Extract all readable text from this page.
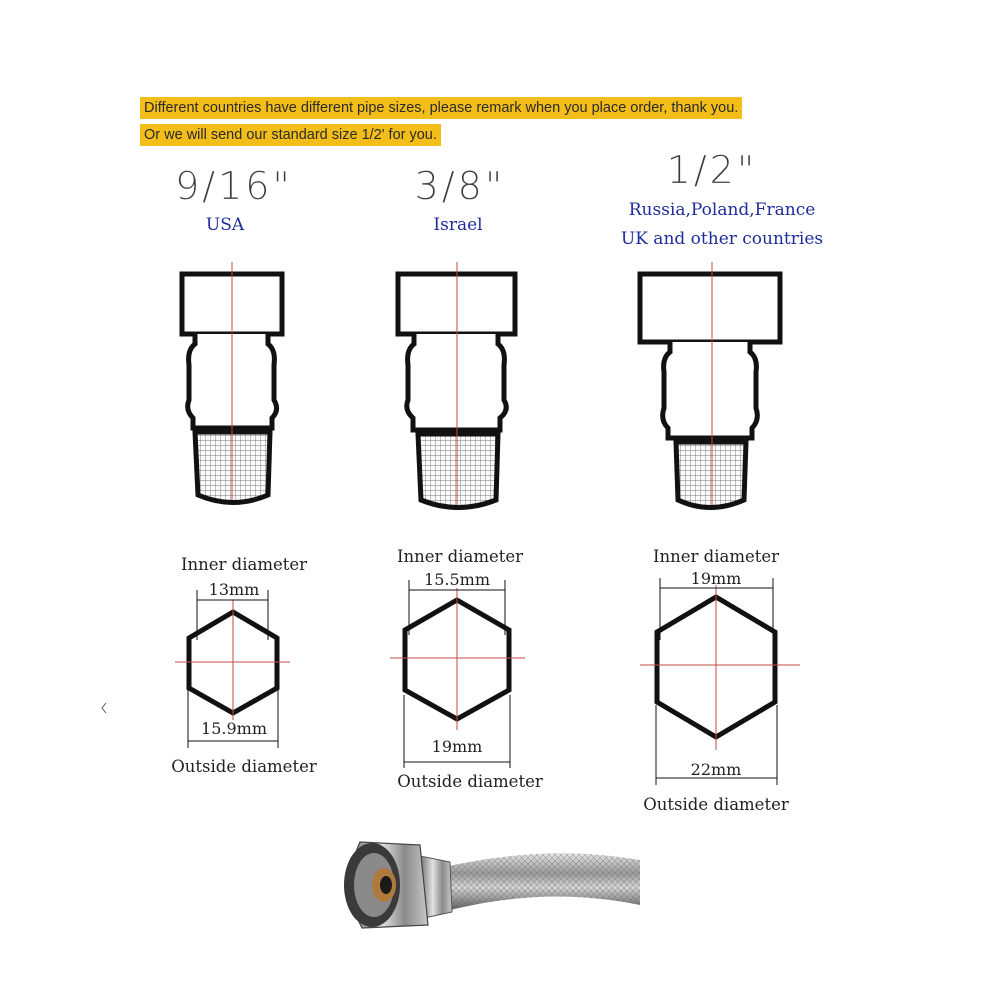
Different countries have different pipe sizes, please remark when you place order, thank you.
Or we will send our standard size 1/2' for you.
9/16"	3/8"	1/2"
USA	Israel
Russia,Poland,France
UK and other countries
Inner diameter
13mm
15.9mm
Outside diameter
Inner diameter
15.5mm
19mm
Outside diameter
Inner diameter
19mm
22mm
Outside diameter
